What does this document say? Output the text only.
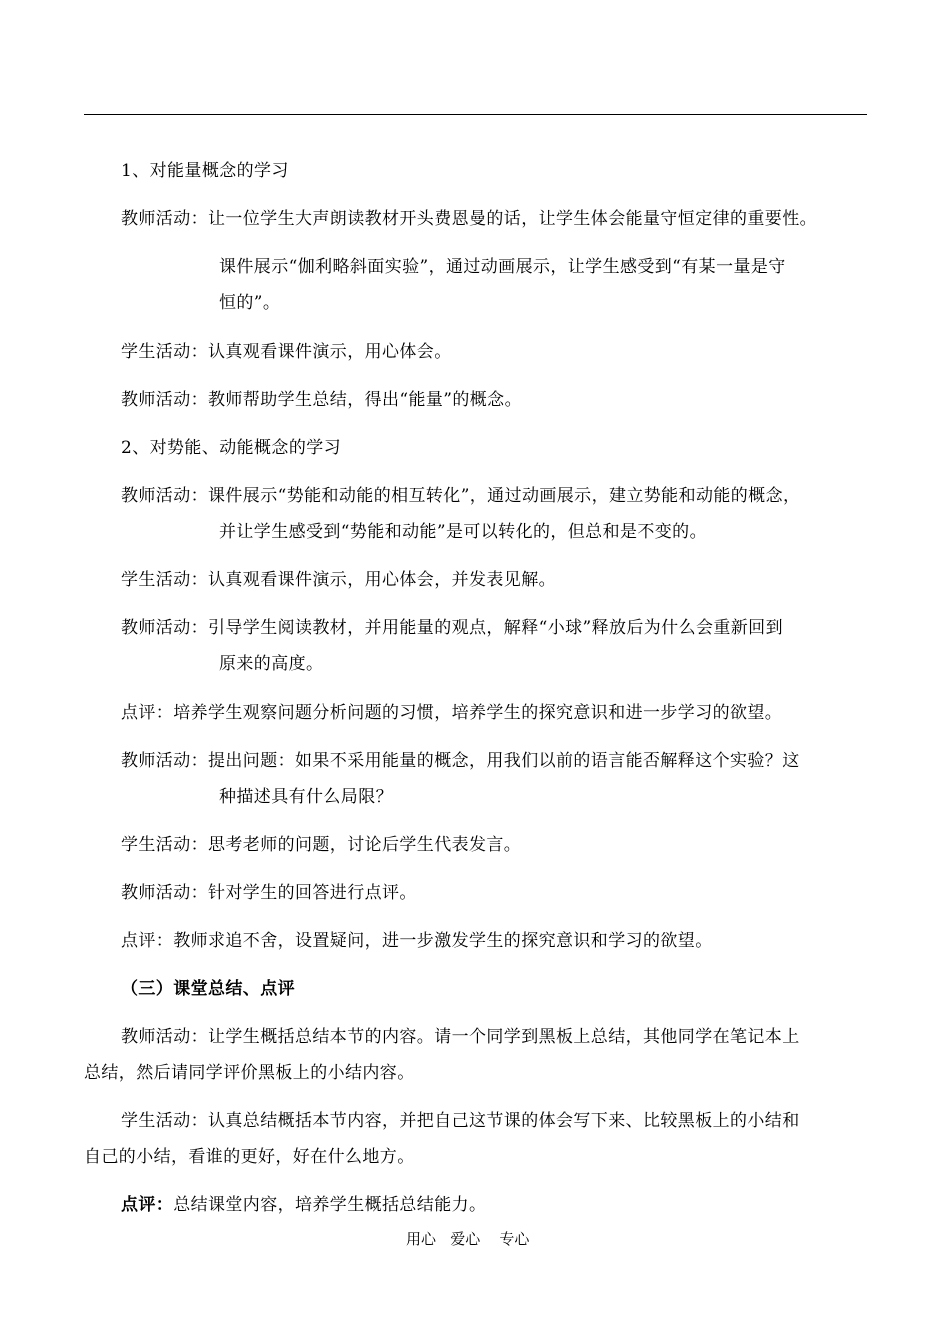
1、对能量概念的学习
教师活动：让一位学生大声朗读教材开头费恩曼的话，让学生体会能量守恒定律的重要性。
课件展示“伽利略斜面实验”，通过动画展示，让学生感受到“有某一量是守
恒的”。
学生活动：认真观看课件演示，用心体会。
教师活动：教师帮助学生总结，得出“能量”的概念。
2、对势能、动能概念的学习
教师活动：课件展示“势能和动能的相互转化”，通过动画展示，建立势能和动能的概念，
并让学生感受到“势能和动能”是可以转化的，但总和是不变的。
学生活动：认真观看课件演示，用心体会，并发表见解。
教师活动：引导学生阅读教材，并用能量的观点，解释“小球”释放后为什么会重新回到
原来的高度。
点评：培养学生观察问题分析问题的习惯，培养学生的探究意识和进一步学习的欲望。
教师活动：提出问题：如果不采用能量的概念，用我们以前的语言能否解释这个实验？这
种描述具有什么局限？
学生活动：思考老师的问题，讨论后学生代表发言。
教师活动：针对学生的回答进行点评。
点评：教师求追不舍，设置疑问，进一步激发学生的探究意识和学习的欲望。
（三）课堂总结、点评
教师活动：让学生概括总结本节的内容。请一个同学到黑板上总结，其他同学在笔记本上
总结，然后请同学评价黑板上的小结内容。
学生活动：认真总结概括本节内容，并把自己这节课的体会写下来、比较黑板上的小结和
自己的小结，看谁的更好，好在什么地方。
点评：总结课堂内容，培养学生概括总结能力。
用心   爱心    专心
